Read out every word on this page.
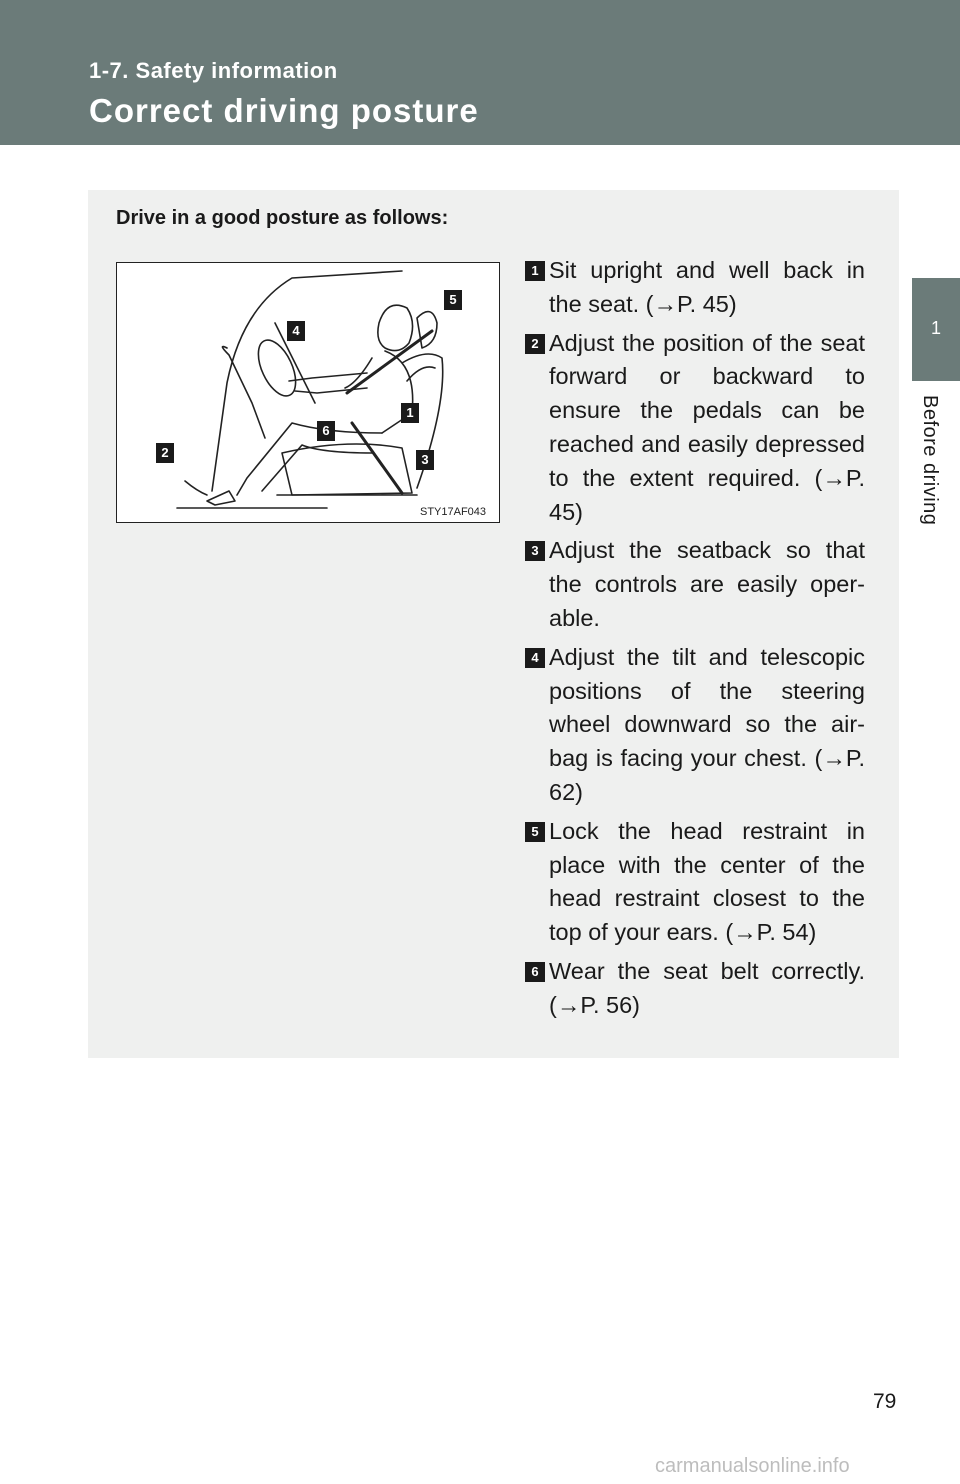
1-7. Safety information
Correct driving posture
1
Before driving
Drive in a good posture as follows:
STY17AF043
5
4
1
6
2	3
1 Sit upright and well back in the seat. (→P. 45)
2 Adjust the position of the seat forward or backward to ensure the pedals can be reached and easily depressed to the extent required. (→P. 45)
3 Adjust the seatback so that the controls are easily oper-able.
4 Adjust the tilt and telescopic positions of the steering wheel downward so the air-bag is facing your chest. (→P. 62)
5 Lock the head restraint in place with the center of the head restraint closest to the top of your ears. (→P. 54)
6 Wear the seat belt correctly. (→P. 56)
79
carmanualsonline.info
